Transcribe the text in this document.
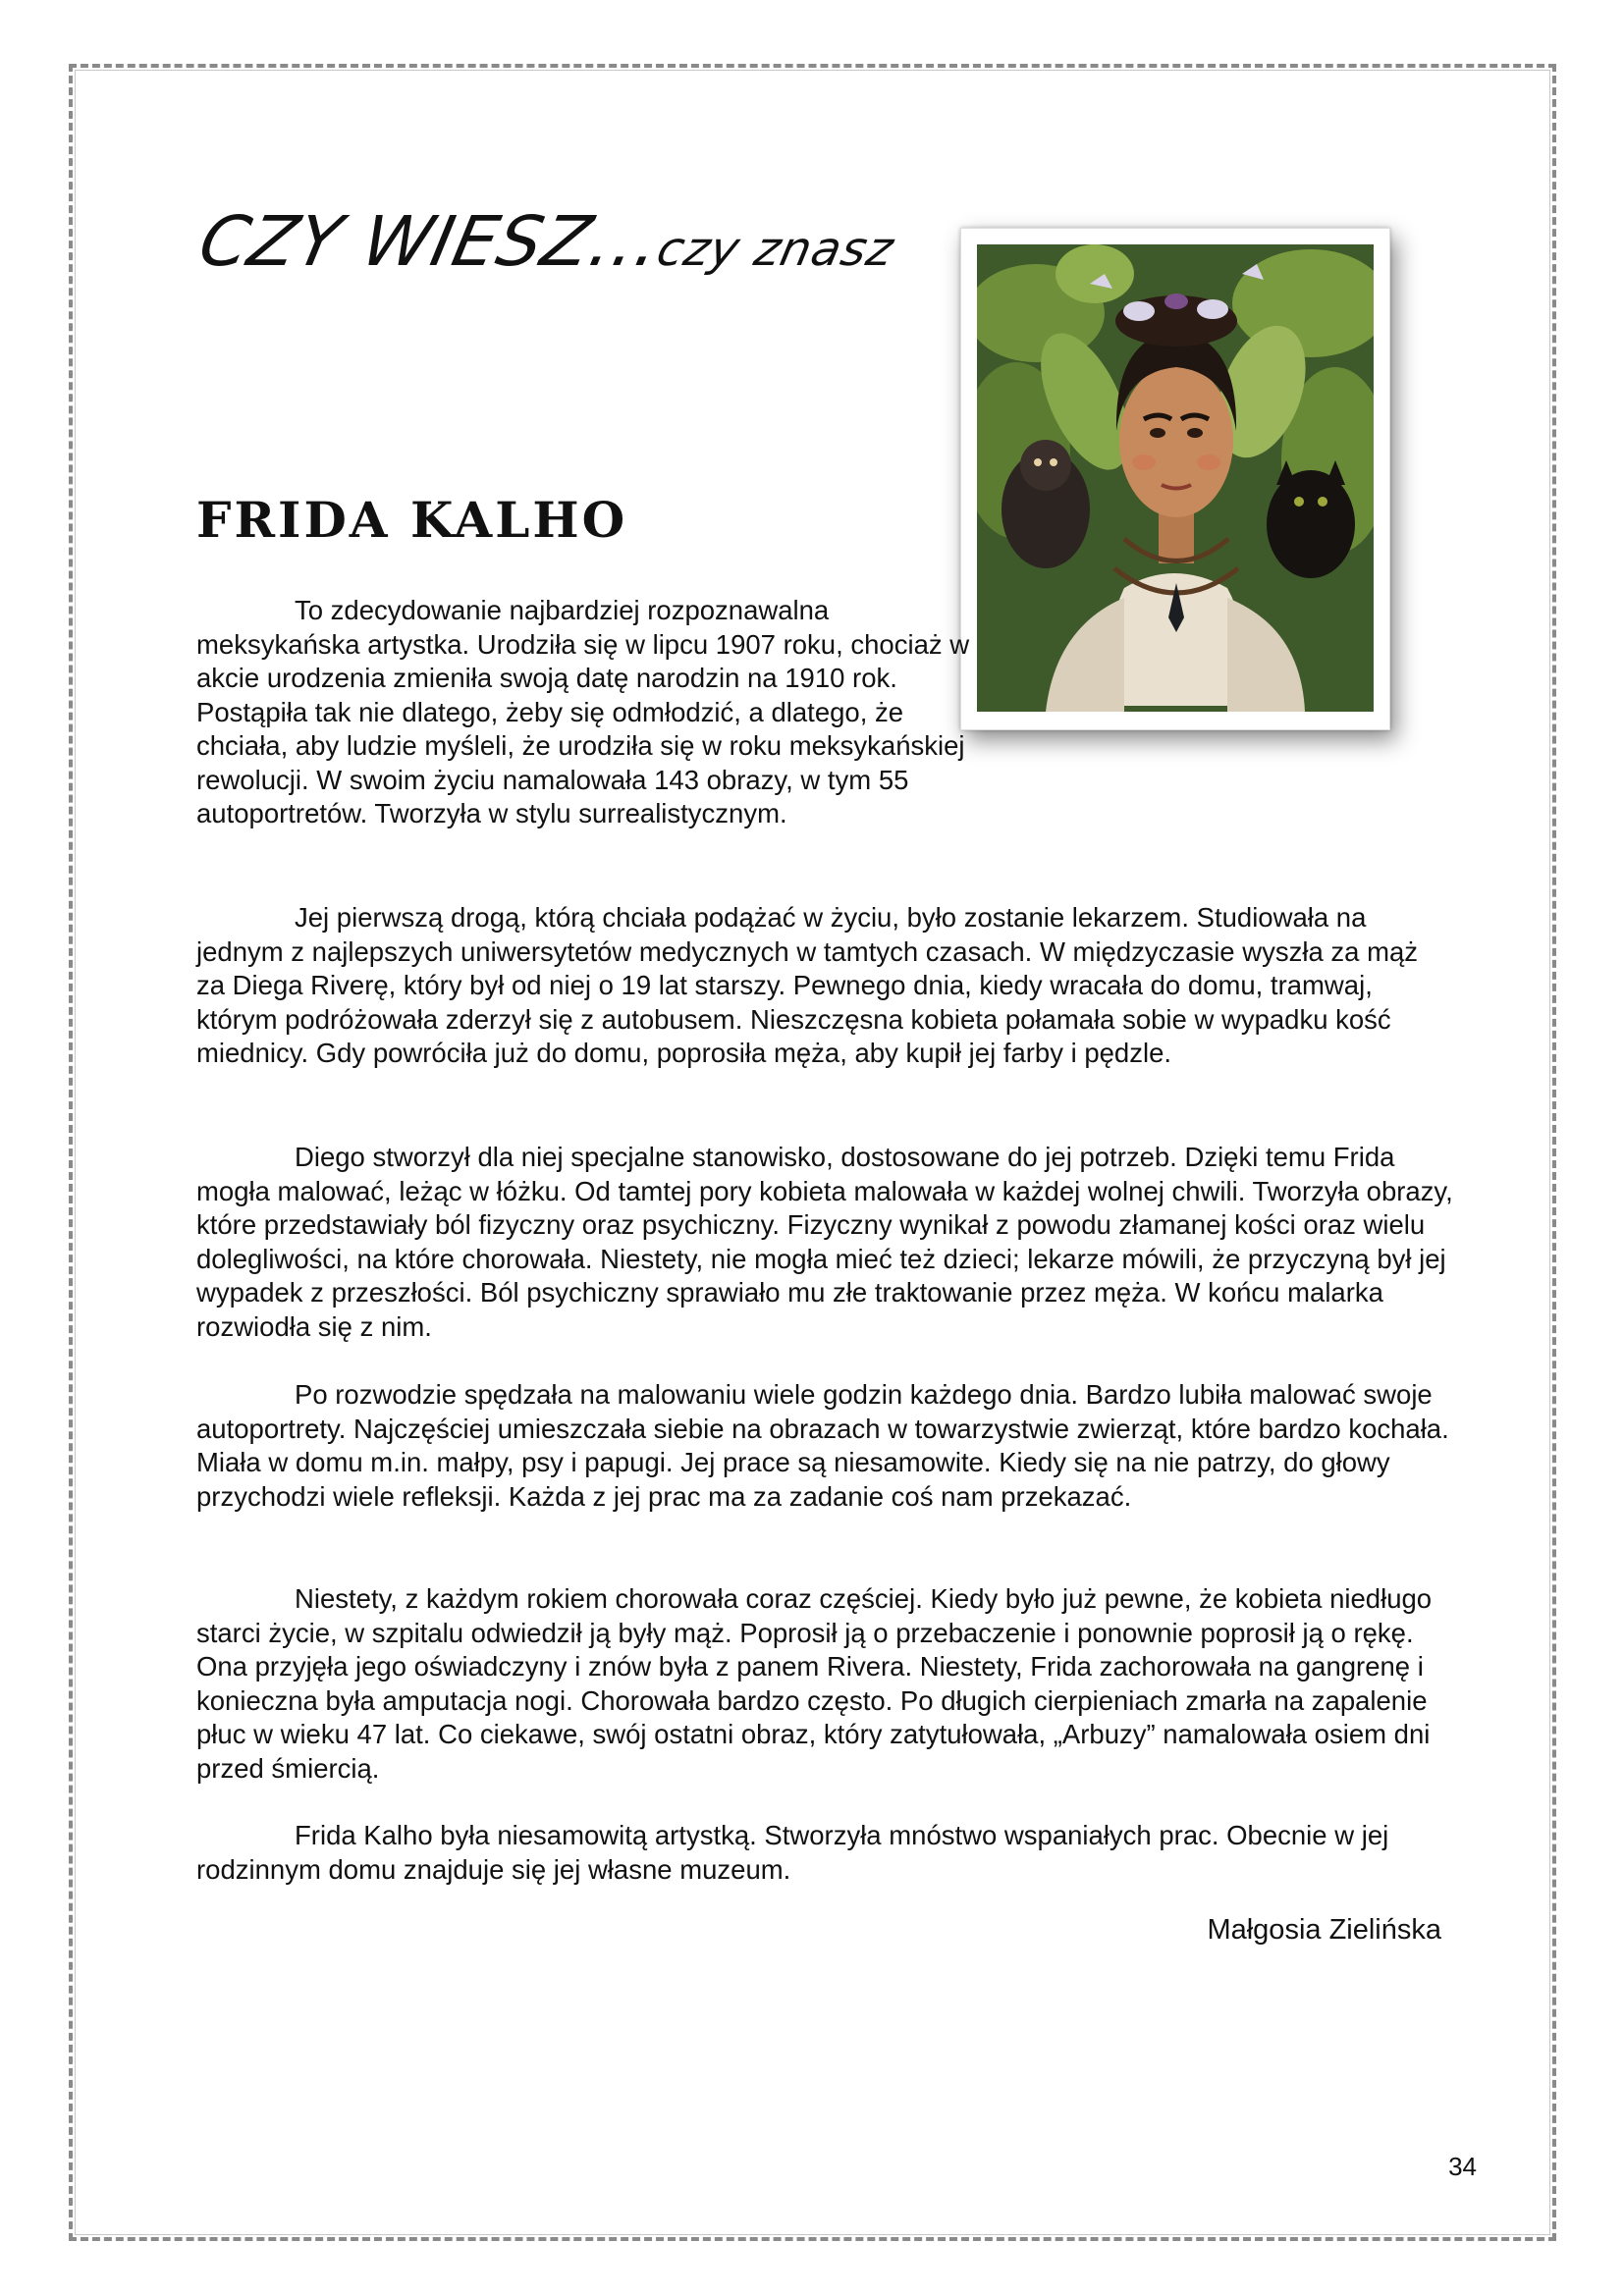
CZY WIESZ...czy znasz
FRIDA KALHO

To zdecydowanie najbardziej rozpoznawalna meksykańska artystka. Urodziła się w lipcu 1907 roku, chociaż w akcie urodzenia zmieniła swoją datę narodzin na 1910 rok. Postąpiła tak nie dlatego, żeby się odmłodzić, a dlatego, że chciała, aby ludzie myśleli, że urodziła się w roku meksykańskiej rewolucji. W swoim życiu namalowała 143 obrazy, w tym 55 autoportretów. Tworzyła w stylu surrealistycznym.

Jej pierwszą drogą, którą chciała podążać w życiu, było zostanie lekarzem. Studiowała na jednym z najlepszych uniwersytetów medycznych w tamtych czasach. W międzyczasie wyszła za mąż za Diega Riverę, który był od niej o 19 lat starszy. Pewnego dnia, kiedy wracała do domu, tramwaj, którym podróżowała zderzył się z autobusem. Nieszczęsna kobieta połamała sobie w wypadku kość miednicy. Gdy powróciła już do domu, poprosiła męża, aby kupił jej farby i pędzle.

Diego stworzył dla niej specjalne stanowisko, dostosowane do jej potrzeb. Dzięki temu Frida mogła malować, leżąc w łóżku. Od tamtej pory kobieta malowała w każdej wolnej chwili. Tworzyła obrazy, które przedstawiały ból fizyczny oraz psychiczny. Fizyczny wynikał z powodu złamanej kości oraz wielu dolegliwości, na które chorowała. Niestety, nie mogła mieć też dzieci; lekarze mówili, że przyczyną był jej wypadek z przeszłości. Ból psychiczny sprawiało mu złe traktowanie przez męża. W końcu malarka rozwiodła się z nim.

Po rozwodzie spędzała na malowaniu wiele godzin każdego dnia. Bardzo lubiła malować swoje autoportrety. Najczęściej umieszczała siebie na obrazach w towarzystwie zwierząt, które bardzo kochała. Miała w domu m.in. małpy, psy i papugi. Jej prace są niesamowite. Kiedy się na nie patrzy, do głowy przychodzi wiele refleksji. Każda z jej prac ma za zadanie coś nam przekazać.

Niestety, z każdym rokiem chorowała coraz częściej. Kiedy było już pewne, że kobieta niedługo starci życie, w szpitalu odwiedził ją były mąż. Poprosił ją o przebaczenie i ponownie poprosił ją o rękę. Ona przyjęła jego oświadczyny i znów była z panem Rivera. Niestety, Frida zachorowała na gangrenę i konieczna była amputacja nogi. Chorowała bardzo często. Po długich cierpieniach zmarła na zapalenie płuc w wieku 47 lat. Co ciekawe, swój ostatni obraz, który zatytułowała, „Arbuzy” namalowała osiem dni przed śmiercią.

Frida Kalho była niesamowitą artystką. Stworzyła mnóstwo wspaniałych prac. Obecnie w jej rodzinnym domu znajduje się jej własne muzeum.

Małgosia Zielińska
34
